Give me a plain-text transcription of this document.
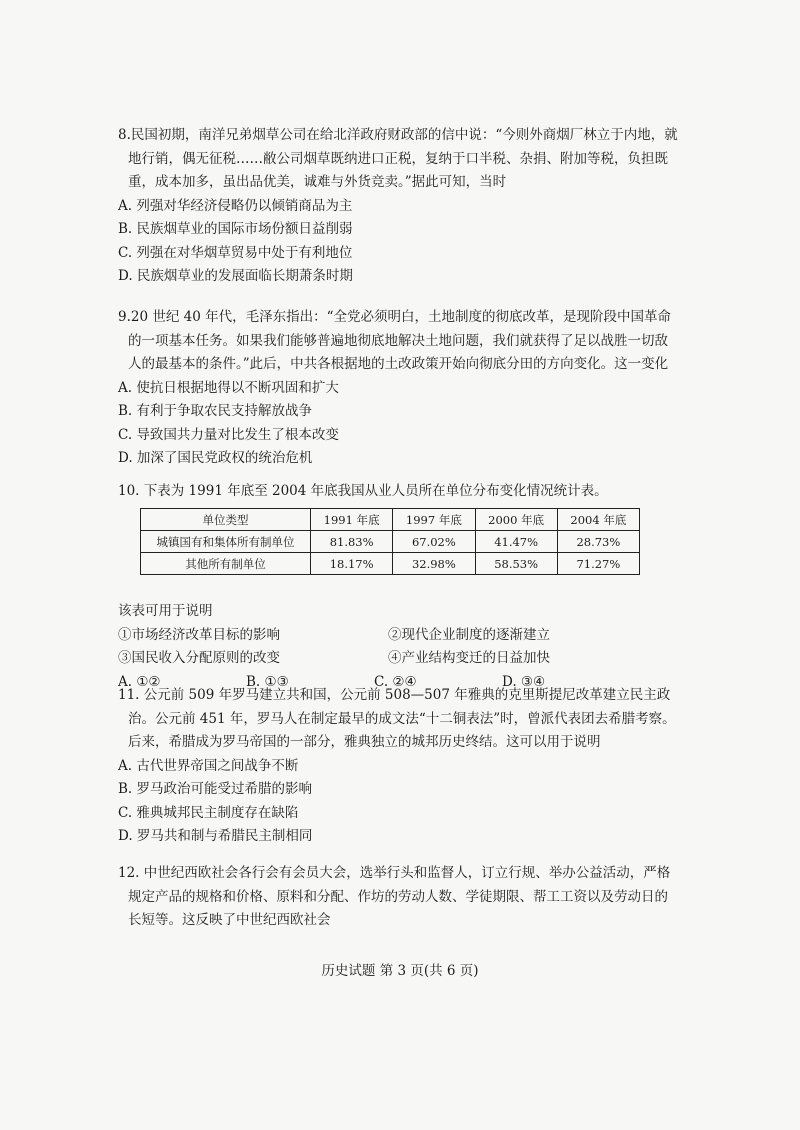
8.民国初期，南洋兄弟烟草公司在给北洋政府财政部的信中说：“今则外商烟厂林立于内地，就地行销，偶无征税……敝公司烟草既纳进口正税，复纳于口半税、杂捐、附加等税，负担既重，成本加多，虽出品优美，诚难与外货竞卖。”据此可知，当时

A. 列强对华经济侵略仍以倾销商品为主

B. 民族烟草业的国际市场份额日益削弱

C. 列强在对华烟草贸易中处于有利地位

D. 民族烟草业的发展面临长期萧条时期

9.20 世纪 40 年代，毛泽东指出：“全党必须明白，土地制度的彻底改革，是现阶段中国革命的一项基本任务。如果我们能够普遍地彻底地解决土地问题，我们就获得了足以战胜一切敌人的最基本的条件。”此后，中共各根据地的土改政策开始向彻底分田的方向变化。这一变化

A. 使抗日根据地得以不断巩固和扩大

B. 有利于争取农民支持解放战争

C. 导致国共力量对比发生了根本改变

D. 加深了国民党政权的统治危机

10. 下表为 1991 年底至 2004 年底我国从业人员所在单位分布变化情况统计表。

单位类型	1991 年底	1997 年底	2000 年底	2004 年底
城镇国有和集体所有制单位	81.83%	67.02%	41.47%	28.73%
其他所有制单位	18.17%	32.98%	58.53%	71.27%

该表可用于说明

①市场经济改革目标的影响	②现代企业制度的逐渐建立
③国民收入分配原则的改变	④产业结构变迁的日益加快
A. ①②	B. ①③	C. ②④	D. ③④

11. 公元前 509 年罗马建立共和国，公元前 508—507 年雅典的克里斯提尼改革建立民主政治。公元前 451 年，罗马人在制定最早的成文法“十二铜表法”时，曾派代表团去希腊考察。后来，希腊成为罗马帝国的一部分，雅典独立的城邦历史终结。这可以用于说明

A. 古代世界帝国之间战争不断

B. 罗马政治可能受过希腊的影响

C. 雅典城邦民主制度存在缺陷

D. 罗马共和制与希腊民主制相同

12. 中世纪西欧社会各行会有会员大会，选举行头和监督人，订立行规、举办公益活动，严格规定产品的规格和价格、原料和分配、作坊的劳动人数、学徒期限、帮工工资以及劳动日的长短等。这反映了中世纪西欧社会

历史试题 第 3 页(共 6 页)
